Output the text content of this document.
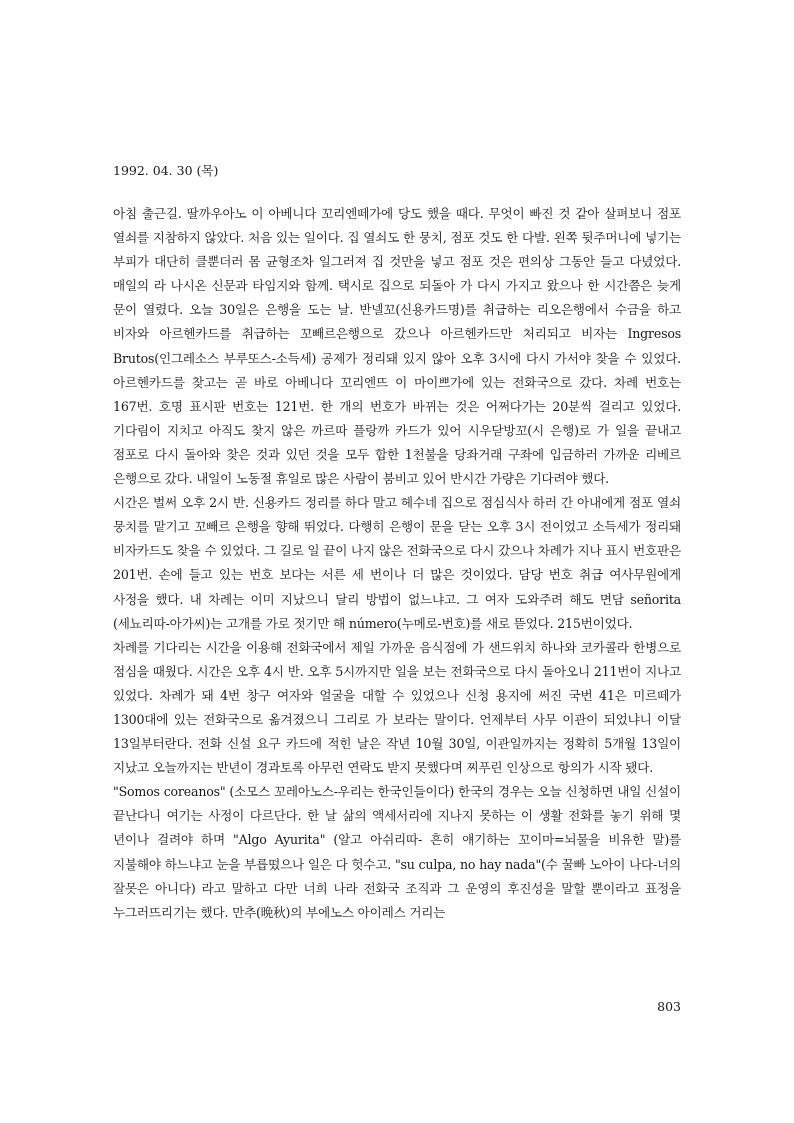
1992. 04. 30 (목)

아침 출근길. 딸까우아노 이 아베니다 꼬리엔떼가에 당도 했을 때다. 무엇이 빠진 것 같아 살펴보니 점포 열쇠를 지참하지 않았다. 처음 있는 일이다. 집 열쇠도 한 뭉치, 점포 것도 한 다발. 왼쪽 뒷주머니에 넣기는 부피가 대단히 클뿐더러 몸 균형조차 일그러져 집 것만을 넣고 점포 것은 편의상 그동안 들고 다녔었다. 매일의 라 나시온 신문과 타임지와 함께. 택시로 집으로 되돌아 가 다시 가지고 왔으나 한 시간쯤은 늦게 문이 열렸다. 오늘 30일은 은행을 도는 날. 반넬꼬(신용카드명)를 취급하는 리오은행에서 수금을 하고 비자와 아르헨카드를 취급하는 꼬빼르은행으로 갔으나 아르헨카드만 처리되고 비자는 Ingresos Brutos(인그레소스 부루또스-소득세) 공제가 정리돼 있지 않아 오후 3시에 다시 가서야 찾을 수 있었다. 아르헨카드를 찾고는 곧 바로 아베니다 꼬리엔뜨 이 마이쁘가에 있는 전화국으로 갔다. 차례 번호는 167번. 호명 표시판 번호는 121번. 한 개의 번호가 바뀌는 것은 어쩌다가는 20분씩 걸리고 있었다. 기다림이 지치고 아직도 찾지 않은 까르따 플랑까 카드가 있어 시우닫방꼬(시 은행)로 가 일을 끝내고 점포로 다시 돌아와 찾은 것과 있던 것을 모두 합한 1천불을 당좌거래 구좌에 입금하러 가까운 리베르 은행으로 갔다. 내일이 노동절 휴일로 많은 사람이 붐비고 있어 반시간 가량은 기다려야 했다.

시간은 벌써 오후 2시 반. 신용카드 정리를 하다 말고 헤수네 집으로 점심식사 하러 간 아내에게 점포 열쇠 뭉치를 맡기고 꼬빼르 은행을 향해 뛰었다. 다행히 은행이 문을 닫는 오후 3시 전이었고 소득세가 정리돼 비자카드도 찾을 수 있었다. 그 길로 일 끝이 나지 않은 전화국으로 다시 갔으나 차례가 지나 표시 번호판은 201번. 손에 들고 있는 번호 보다는 서른 세 번이나 더 많은 것이었다. 담당 번호 취급 여사무원에게 사정을 했다. 내 차례는 이미 지났으니 달리 방법이 없느냐고. 그 여자 도와주려 해도 면담 señorita (세뇨리따-아가씨)는 고개를 가로 젓기만 해 número(누메로-번호)를 새로 뜯었다. 215번이었다.

차례를 기다리는 시간을 이용해 전화국에서 제일 가까운 음식점에 가 샌드위치 하나와 코카콜라 한병으로 점심을 때웠다. 시간은 오후 4시 반. 오후 5시까지만 일을 보는 전화국으로 다시 돌아오니 211번이 지나고 있었다. 차례가 돼 4번 창구 여자와 얼굴을 대할 수 있었으나 신청 용지에 써진 국번 41은 미르떼가 1300대에 있는 전화국으로 옮겨졌으니 그리로 가 보라는 말이다. 언제부터 사무 이관이 되었냐니 이달 13일부터란다. 전화 신설 요구 카드에 적힌 날은 작년 10월 30일, 이관일까지는 정확히 5개월 13일이 지났고 오늘까지는 반년이 경과토록 아무런 연락도 받지 못했다며 찌푸린 인상으로 항의가 시작 됐다.

"Somos coreanos" (소모스 꼬레아노스-우리는 한국인들이다) 한국의 경우는 오늘 신청하면 내일 신설이 끝난다니 여기는 사정이 다르단다. 한 날 삶의 액세서리에 지나지 못하는 이 생활 전화를 놓기 위해 몇 년이나 걸려야 하며 "Algo Ayurita" (알고 아쉬리따- 흔히 얘기하는 꼬이마=뇌물을 비유한 말)를 지불해야 하느냐고 눈을 부릅떴으나 일은 다 헛수고. "su culpa, no hay nada"(수 꿀빠 노아이 나다-너의 잘못은 아니다) 라고 말하고 다만 너희 나라 전화국 조직과 그 운영의 후진성을 말할 뿐이라고 표정을 누그러뜨리기는 했다. 만추(晩秋)의 부에노스 아이레스 거리는

803
